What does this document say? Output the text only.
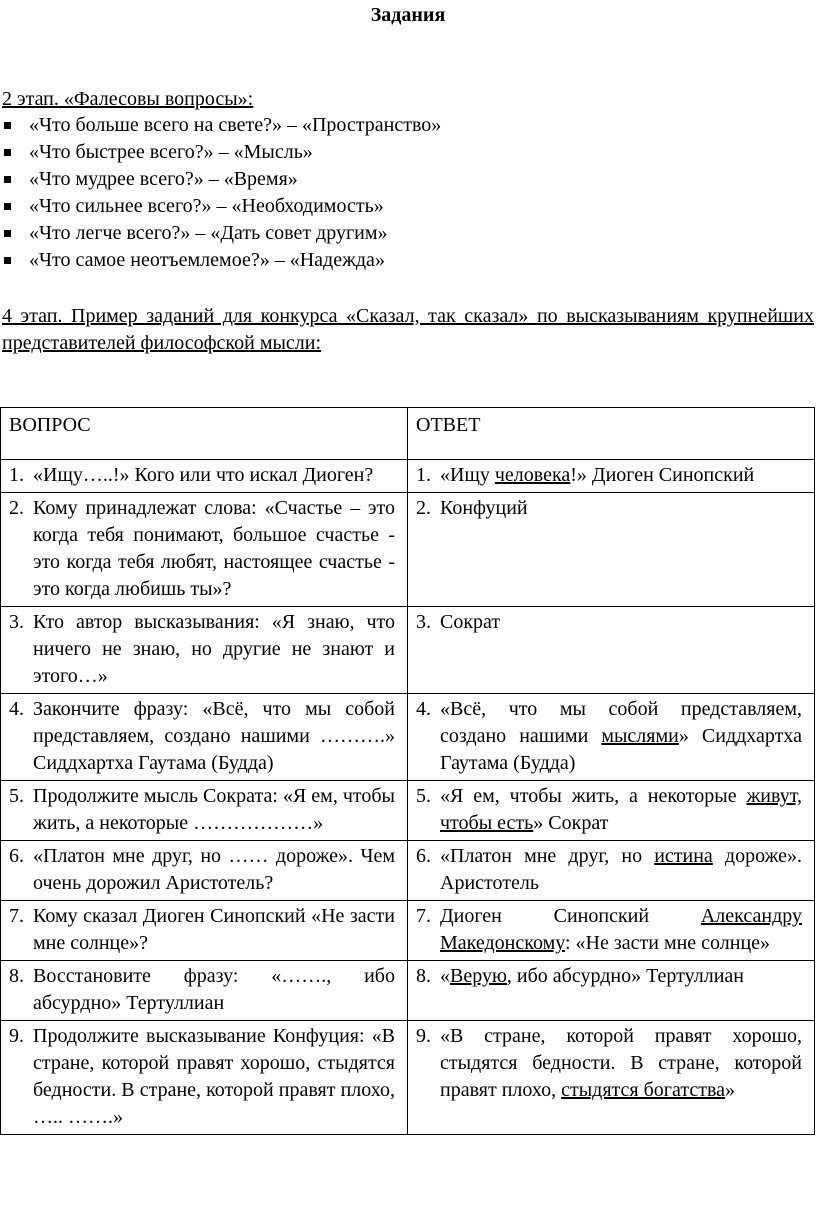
Задания
2 этап. «Фалесовы вопросы»:
«Что больше всего на свете?» – «Пространство»
«Что быстрее всего?» – «Мысль»
«Что мудрее всего?» – «Время»
«Что сильнее всего?» – «Необходимость»
«Что легче всего?» – «Дать совет другим»
«Что самое неотъемлемое?» – «Надежда»
4 этап. Пример заданий для конкурса «Сказал, так сказал» по высказываниям крупнейших представителей философской мысли:
ВОПРОС	ОТВЕТ

1. «Ищу…..!» Кого или что искал Диоген?	1. «Ищу человека!» Диоген Синопский

2. Кому принадлежат слова: «Счастье – это когда тебя понимают, большое счастье - это когда тебя любят, настоящее счастье - это когда любишь ты»?	2. Конфуций

3. Кто автор высказывания: «Я знаю, что ничего не знаю, но другие не знают и этого…»	3. Сократ

4. Закончите фразу: «Всё, что мы собой представляем, создано нашими ……….» Сиддхартха Гаутама (Будда)	4. «Всё, что мы собой представляем, создано нашими мыслями» Сиддхартха Гаутама (Будда)

5. Продолжите мысль Сократа: «Я ем, чтобы жить, а некоторые ………………»	5. «Я ем, чтобы жить, а некоторые живут, чтобы есть» Сократ

6. «Платон мне друг, но …… дороже». Чем очень дорожил Аристотель?	6. «Платон мне друг, но истина дороже». Аристотель

7. Кому сказал Диоген Синопский «Не засти мне солнце»?	7. Диоген Синопский Александру Македонскому: «Не засти мне солнце»

8. Восстановите фразу: «……., ибо абсурдно» Тертуллиан	8. «Верую, ибо абсурдно» Тертуллиан

9. Продолжите высказывание Конфуция: «В стране, которой правят хорошо, стыдятся бедности. В стране, которой правят плохо, ….. …….»	9. «В стране, которой правят хорошо, стыдятся бедности. В стране, которой правят плохо, стыдятся богатства»
